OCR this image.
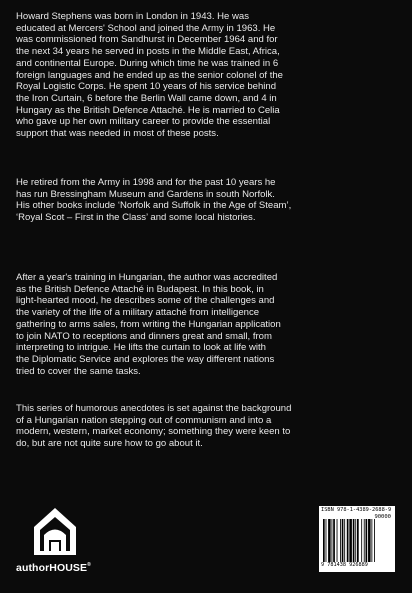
Howard Stephens was born in London in 1943. He was

educated at Mercers' School and joined the Army in 1963. He

was commissioned from Sandhurst in December 1964 and for

the next 34 years he served in posts in the Middle East, Africa,

and continental Europe. During which time he was trained in 6

foreign languages and he ended up as the senior colonel of the

Royal Logistic Corps. He spent 10 years of his service behind

the Iron Curtain, 6 before the Berlin Wall came down, and 4 in

Hungary as the British Defence Attaché. He is married to Celia

who gave up her own military career to provide the essential

support that was needed in most of these posts.

He retired from the Army in 1998 and for the past 10 years he

has run Bressingham Museum and Gardens in south Norfolk.

His other books include ‘Norfolk and Suffolk in the Age of Steam’,

‘Royal Scot – First in the Class’ and some local histories.

After a year's training in Hungarian, the author was accredited

as the British Defence Attaché in Budapest. In this book, in

light-hearted mood, he describes some of the challenges and

the variety of the life of a military attaché from intelligence

gathering to arms sales, from writing the Hungarian application

to join NATO to receptions and dinners great and small, from

interpreting to intrigue. He lifts the curtain to look at life with

the Diplomatic Service and explores the way different nations

tried to cover the same tasks.

This series of humorous anecdotes is set against the background

of a Hungarian nation stepping out of communism and into a

modern, western, market economy; something they were keen to

do, but are not quite sure how to go about it.

authorHOUSE®
ISBN 978-1-4389-2688-9
90000
9 781438 926889
